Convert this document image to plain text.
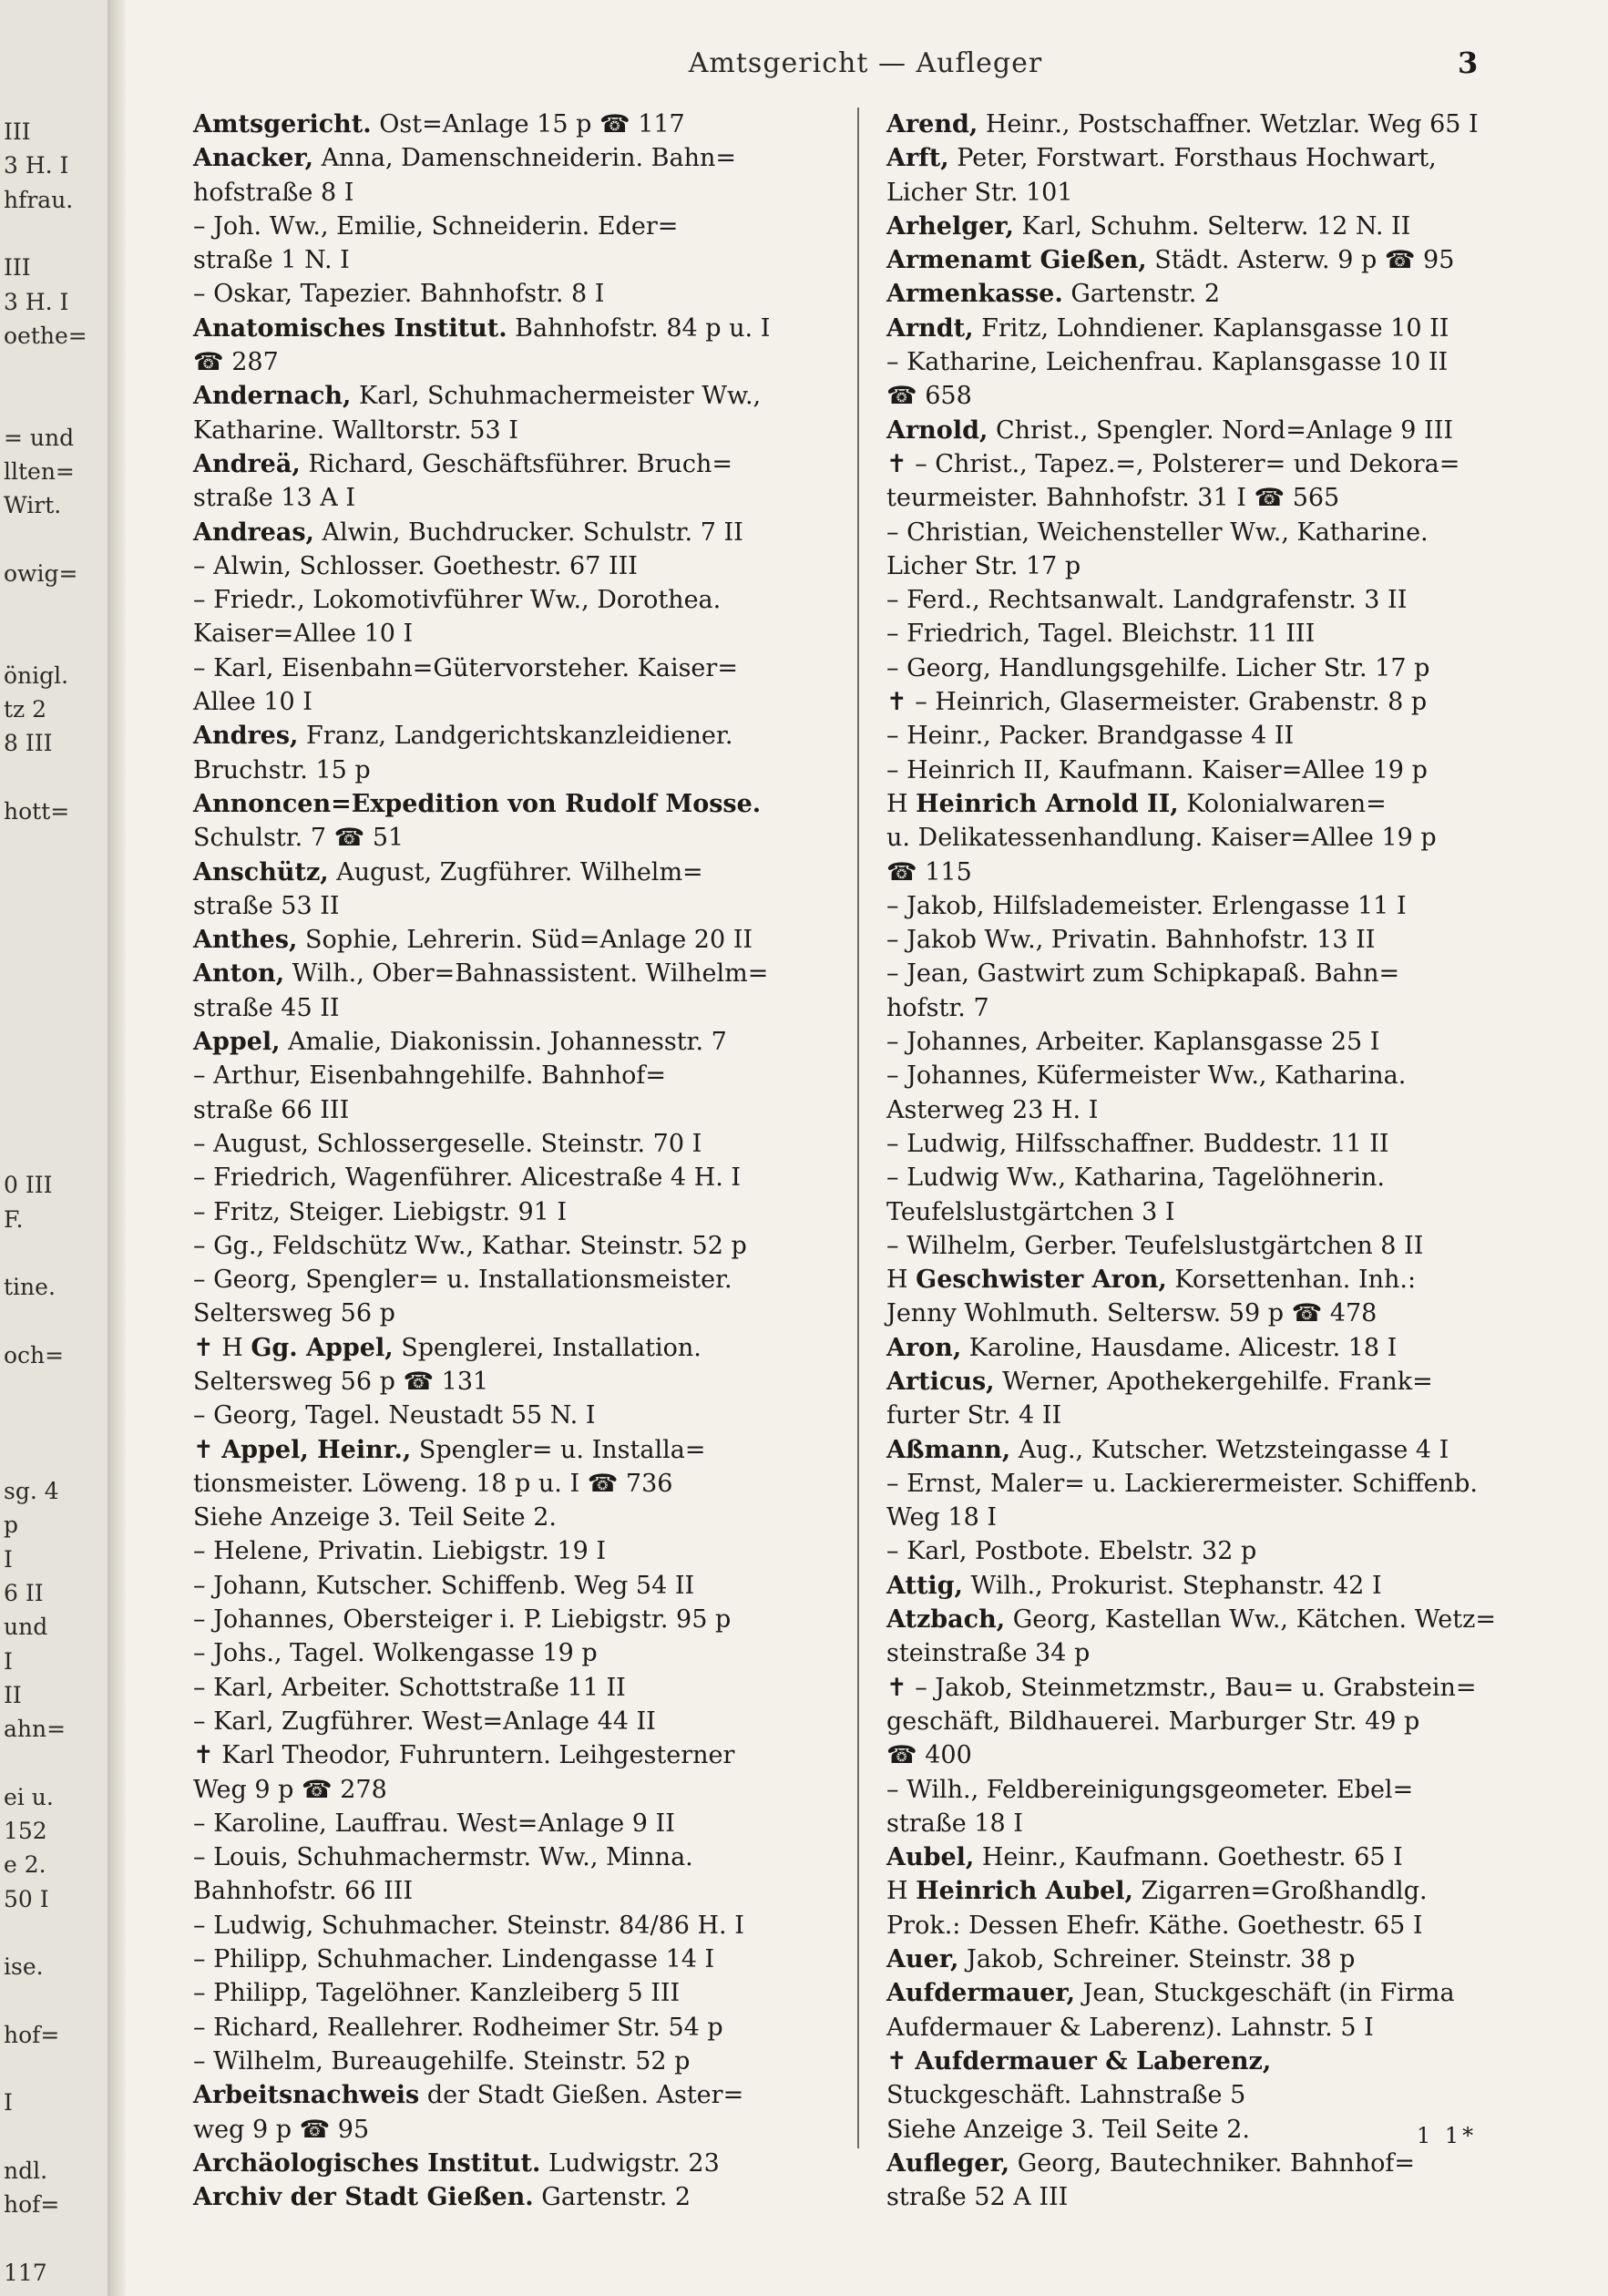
III
3 H. I
hfrau.
III
3 H. I
oethe=
= und
llten=
Wirt.
owig=
önigl.
tz 2
8 III
hott=
0 III
F.
tine.
och=
sg. 4
p
I
6 II
und
I
II
ahn=
ei u.
152
e 2.
50 I
ise.
hof=
I
ndl.
hof=
117
Amtsgericht — Aufleger	3
Amtsgericht. Ost=Anlage 15 p ☎ 117
Anacker, Anna, Damenschneiderin. Bahn=
hofstraße 8 I
– Joh. Ww., Emilie, Schneiderin. Eder=
straße 1 N. I
– Oskar, Tapezier. Bahnhofstr. 8 I
Anatomisches Institut. Bahnhofstr. 84 p u. I
☎ 287
Andernach, Karl, Schuhmachermeister Ww.,
Katharine. Walltorstr. 53 I
Andreä, Richard, Geschäftsführer. Bruch=
straße 13 A I
Andreas, Alwin, Buchdrucker. Schulstr. 7 II
– Alwin, Schlosser. Goethestr. 67 III
– Friedr., Lokomotivführer Ww., Dorothea.
Kaiser=Allee 10 I
– Karl, Eisenbahn=Gütervorsteher. Kaiser=
Allee 10 I
Andres, Franz, Landgerichtskanzleidiener.
Bruchstr. 15 p
Annoncen=Expedition von Rudolf Mosse.
Schulstr. 7 ☎ 51
Anschütz, August, Zugführer. Wilhelm=
straße 53 II
Anthes, Sophie, Lehrerin. Süd=Anlage 20 II
Anton, Wilh., Ober=Bahnassistent. Wilhelm=
straße 45 II
Appel, Amalie, Diakonissin. Johannesstr. 7
– Arthur, Eisenbahngehilfe. Bahnhof=
straße 66 III
– August, Schlossergeselle. Steinstr. 70 I
– Friedrich, Wagenführer. Alicestraße 4 H. I
– Fritz, Steiger. Liebigstr. 91 I
– Gg., Feldschütz Ww., Kathar. Steinstr. 52 p
– Georg, Spengler= u. Installationsmeister.
Seltersweg 56 p
✝ H Gg. Appel, Spenglerei, Installation.
Seltersweg 56 p ☎ 131
– Georg, Tagel. Neustadt 55 N. I
✝ Appel, Heinr., Spengler= u. Installa=
tionsmeister. Löweng. 18 p u. I ☎ 736
Siehe Anzeige 3. Teil Seite 2.
– Helene, Privatin. Liebigstr. 19 I
– Johann, Kutscher. Schiffenb. Weg 54 II
– Johannes, Obersteiger i. P. Liebigstr. 95 p
– Johs., Tagel. Wolkengasse 19 p
– Karl, Arbeiter. Schottstraße 11 II
– Karl, Zugführer. West=Anlage 44 II
✝ Karl Theodor, Fuhruntern. Leihgesterner
Weg 9 p ☎ 278
– Karoline, Lauffrau. West=Anlage 9 II
– Louis, Schuhmachermstr. Ww., Minna.
Bahnhofstr. 66 III
– Ludwig, Schuhmacher. Steinstr. 84/86 H. I
– Philipp, Schuhmacher. Lindengasse 14 I
– Philipp, Tagelöhner. Kanzleiberg 5 III
– Richard, Reallehrer. Rodheimer Str. 54 p
– Wilhelm, Bureaugehilfe. Steinstr. 52 p
Arbeitsnachweis der Stadt Gießen. Aster=
weg 9 p ☎ 95
Archäologisches Institut. Ludwigstr. 23
Archiv der Stadt Gießen. Gartenstr. 2
Arend, Heinr., Postschaffner. Wetzlar. Weg 65 I
Arft, Peter, Forstwart. Forsthaus Hochwart,
Licher Str. 101
Arhelger, Karl, Schuhm. Selterw. 12 N. II
Armenamt Gießen, Städt. Asterw. 9 p ☎ 95
Armenkasse. Gartenstr. 2
Arndt, Fritz, Lohndiener. Kaplansgasse 10 II
– Katharine, Leichenfrau. Kaplansgasse 10 II
☎ 658
Arnold, Christ., Spengler. Nord=Anlage 9 III
✝ – Christ., Tapez.=, Polsterer= und Dekora=
teurmeister. Bahnhofstr. 31 I ☎ 565
– Christian, Weichensteller Ww., Katharine.
Licher Str. 17 p
– Ferd., Rechtsanwalt. Landgrafenstr. 3 II
– Friedrich, Tagel. Bleichstr. 11 III
– Georg, Handlungsgehilfe. Licher Str. 17 p
✝ – Heinrich, Glasermeister. Grabenstr. 8 p
– Heinr., Packer. Brandgasse 4 II
– Heinrich II, Kaufmann. Kaiser=Allee 19 p
H Heinrich Arnold II, Kolonialwaren=
u. Delikatessenhandlung. Kaiser=Allee 19 p
☎ 115
– Jakob, Hilfslademeister. Erlengasse 11 I
– Jakob Ww., Privatin. Bahnhofstr. 13 II
– Jean, Gastwirt zum Schipkapaß. Bahn=
hofstr. 7
– Johannes, Arbeiter. Kaplansgasse 25 I
– Johannes, Küfermeister Ww., Katharina.
Asterweg 23 H. I
– Ludwig, Hilfsschaffner. Buddestr. 11 II
– Ludwig Ww., Katharina, Tagelöhnerin.
Teufelslustgärtchen 3 I
– Wilhelm, Gerber. Teufelslustgärtchen 8 II
H Geschwister Aron, Korsettenhan. Inh.:
Jenny Wohlmuth. Seltersw. 59 p ☎ 478
Aron, Karoline, Hausdame. Alicestr. 18 I
Articus, Werner, Apothekergehilfe. Frank=
furter Str. 4 II
Aßmann, Aug., Kutscher. Wetzsteingasse 4 I
– Ernst, Maler= u. Lackierermeister. Schiffenb.
Weg 18 I
– Karl, Postbote. Ebelstr. 32 p
Attig, Wilh., Prokurist. Stephanstr. 42 I
Atzbach, Georg, Kastellan Ww., Kätchen. Wetz=
steinstraße 34 p
✝ – Jakob, Steinmetzmstr., Bau= u. Grabstein=
geschäft, Bildhauerei. Marburger Str. 49 p
☎ 400
– Wilh., Feldbereinigungsgeometer. Ebel=
straße 18 I
Aubel, Heinr., Kaufmann. Goethestr. 65 I
H Heinrich Aubel, Zigarren=Großhandlg.
Prok.: Dessen Ehefr. Käthe. Goethestr. 65 I
Auer, Jakob, Schreiner. Steinstr. 38 p
Aufdermauer, Jean, Stuckgeschäft (in Firma
Aufdermauer & Laberenz). Lahnstr. 5 I
✝ Aufdermauer & Laberenz,
Stuckgeschäft. Lahnstraße 5
Siehe Anzeige 3. Teil Seite 2.
Aufleger, Georg, Bautechniker. Bahnhof=
straße 52 A III
1 1*
